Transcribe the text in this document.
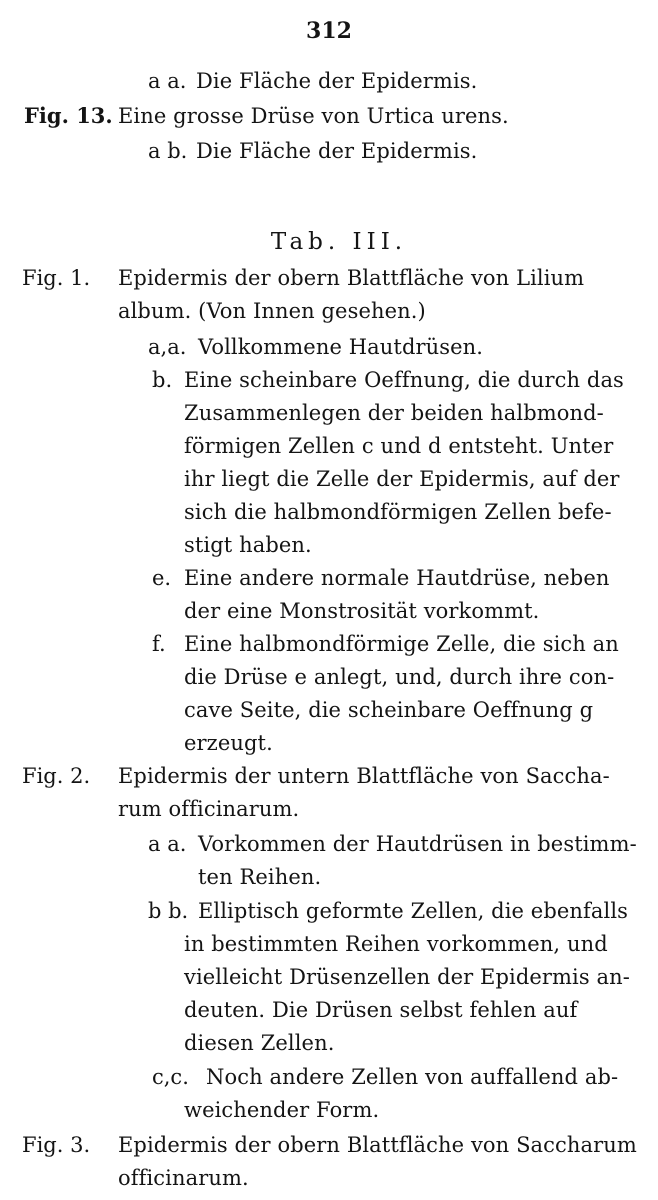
312
a a. Die Fläche der Epidermis.
Fig. 13. Eine grosse Drüse von Urtica urens.
a b. Die Fläche der Epidermis.
Tab. III.
Fig. 1. Epidermis der obern Blattfläche von Lilium
album. (Von Innen gesehen.)
a,a. Vollkommene Hautdrüsen.
b. Eine scheinbare Oeffnung, die durch das
Zusammenlegen der beiden halbmond-
förmigen Zellen c und d entsteht. Unter
ihr liegt die Zelle der Epidermis, auf der
sich die halbmondförmigen Zellen befe-
stigt haben.
e. Eine andere normale Hautdrüse, neben
der eine Monstrosität vorkommt.
f. Eine halbmondförmige Zelle, die sich an
die Drüse e anlegt, und, durch ihre con-
cave Seite, die scheinbare Oeffnung g
erzeugt.
Fig. 2. Epidermis der untern Blattfläche von Saccha-
rum officinarum.
a a. Vorkommen der Hautdrüsen in bestimm-
ten Reihen.
b b. Elliptisch geformte Zellen, die ebenfalls
in bestimmten Reihen vorkommen, und
vielleicht Drüsenzellen der Epidermis an-
deuten. Die Drüsen selbst fehlen auf
diesen Zellen.
c,c. Noch andere Zellen von auffallend ab-
weichender Form.
Fig. 3. Epidermis der obern Blattfläche von Saccharum
officinarum.
